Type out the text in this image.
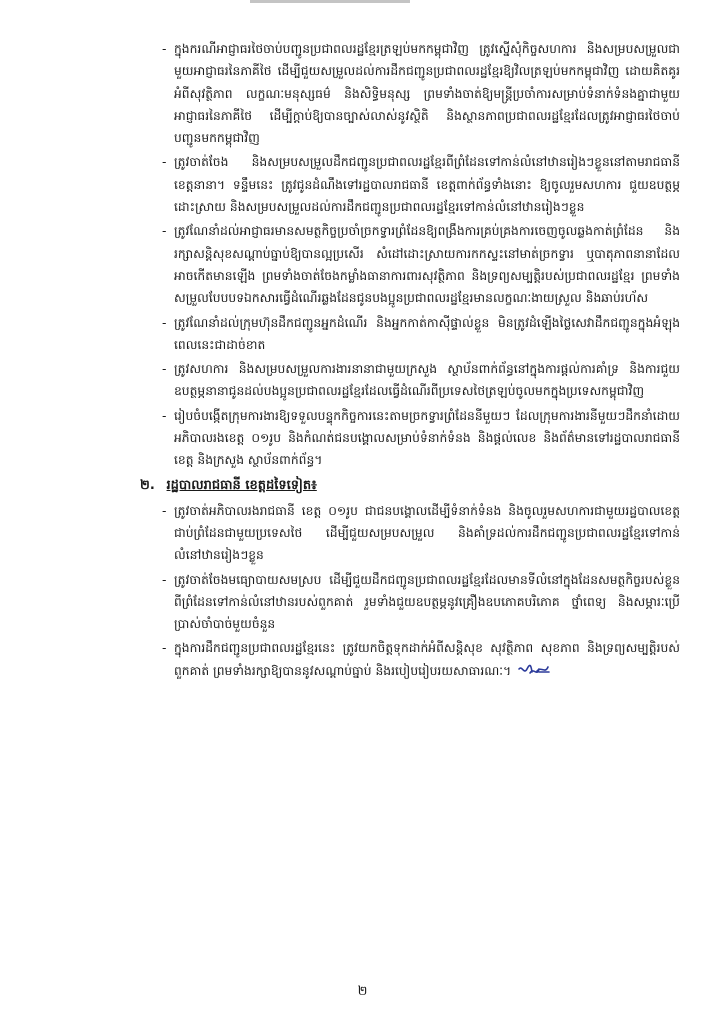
- ក្នុងករណីអាជ្ញាធរថៃចាប់បញ្ជូនប្រជាពលរដ្ឋខ្មែរត្រឡប់មកកម្ពុជាវិញ ត្រូវស្នើសុំកិច្ចសហការ និងសម្របសម្រួលជាមួយអាជ្ញាធរនៃភាគីថៃ ដើម្បីជួយសម្រួលដល់ការដឹកជញ្ជូនប្រជាពលរដ្ឋខ្មែរឱ្យវិលត្រឡប់មកកម្ពុជាវិញ ដោយគិតគូរអំពីសុវត្ថិភាព លក្ខណៈមនុស្សធម៌ និងសិទ្ធិមនុស្ស ព្រមទាំងចាត់ឱ្យមន្ត្រីប្រចាំការសម្រាប់ទំនាក់ទំនងគ្នាជាមួយអាជ្ញាធរនៃភាគីថៃ ដើម្បីក្ដាប់ឱ្យបានច្បាស់លាស់នូវស្ថិតិ និងស្ថានភាពប្រជាពលរដ្ឋខ្មែរដែលត្រូវអាជ្ញាធរថៃចាប់បញ្ជូនមកកម្ពុជាវិញ
- ត្រូវចាត់ចែង និងសម្របសម្រួលដឹកជញ្ជូនប្រជាពលរដ្ឋខ្មែរពីព្រំដែនទៅកាន់លំនៅឋានរៀងៗខ្លួននៅតាមរាជធានី ខេត្តនានា។ ទន្ទឹមនេះ ត្រូវជូនដំណឹងទៅរដ្ឋបាលរាជធានី ខេត្តពាក់ព័ន្ធទាំងនោះ ឱ្យចូលរួមសហការ ជួយឧបត្ថម្ភ ដោះស្រាយ និងសម្របសម្រួលដល់ការដឹកជញ្ជូនប្រជាពលរដ្ឋខ្មែរទៅកាន់លំនៅឋានរៀងៗខ្លួន
- ត្រូវណែនាំដល់អាជ្ញាធរមានសមត្ថកិច្ចប្រចាំច្រកទ្វារព្រំដែនឱ្យពង្រឹងការគ្រប់គ្រងការចេញចូលឆ្លងកាត់ព្រំដែន និងរក្សាសន្តិសុខសណ្ដាប់ធ្នាប់ឱ្យបានល្អប្រសើរ សំដៅដោះស្រាយការកកស្ទះនៅមាត់ច្រកទ្វារ ឬបាតុភាពនានាដែលអាចកើតមានឡើង ព្រមទាំងចាត់ចែងកម្លាំងធានាការពារសុវត្ថិភាព និងទ្រព្យសម្បត្តិរបស់ប្រជាពលរដ្ឋខ្មែរ ព្រមទាំងសម្រួលបែបបទឯកសារធ្វើដំណើរឆ្លងដែនជូនបងប្អូនប្រជាពលរដ្ឋខ្មែរមានលក្ខណៈងាយស្រួល និងឆាប់រហ័ស
- ត្រូវណែនាំដល់ក្រុមហ៊ុនដឹកជញ្ជូនអ្នកដំណើរ និងអ្នកកាត់កាស៊ីផ្ទាល់ខ្លួន មិនត្រូវដំឡើងថ្លៃសេវាដឹកជញ្ជូនក្នុងអំឡុងពេលនេះជាដាច់ខាត
- ត្រូវសហការ និងសម្របសម្រួលការងារនានាជាមួយក្រសួង ស្ថាប័នពាក់ព័ន្ធនៅក្នុងការផ្ដល់ការគាំទ្រ និងការជួយឧបត្ថម្ភនានាជូនដល់បងប្អូនប្រជាពលរដ្ឋខ្មែរដែលធ្វើដំណើរពីប្រទេសថៃត្រឡប់ចូលមកក្នុងប្រទេសកម្ពុជាវិញ
- រៀបចំបង្កើតក្រុមការងារឱ្យទទួលបន្ទុកកិច្ចការនេះតាមច្រកទ្វារព្រំដែននីមួយៗ ដែលក្រុមការងារនីមួយៗដឹកនាំដោយអភិបាលរងខេត្ត ០១រូប និងកំណត់ជនបង្គោលសម្រាប់ទំនាក់ទំនង និងផ្ដល់លេខ និងព័ត៌មានទៅរដ្ឋបាលរាជធានី ខេត្ត និងក្រសួង ស្ថាប័នពាក់ព័ន្ធ។
២. រដ្ឋបាលរាជធានី ខេត្តដទៃទៀត៖
- ត្រូវចាត់អភិបាលរងរាជធានី ខេត្ត ០១រូប ជាជនបង្គោលដើម្បីទំនាក់ទំនង និងចូលរួមសហការជាមួយរដ្ឋបាលខេត្តជាប់ព្រំដែនជាមួយប្រទេសថៃ ដើម្បីជួយសម្របសម្រួល និងគាំទ្រដល់ការដឹកជញ្ជូនប្រជាពលរដ្ឋខ្មែរទៅកាន់លំនៅឋានរៀងៗខ្លួន
- ត្រូវចាត់ចែងមធ្យោបាយសមស្រប ដើម្បីជួយដឹកជញ្ជូនប្រជាពលរដ្ឋខ្មែរដែលមានទីលំនៅក្នុងដែនសមត្ថកិច្ចរបស់ខ្លួន ពីព្រំដែនទៅកាន់លំនៅឋានរបស់ពួកគាត់ រួមទាំងជួយឧបត្ថម្ភនូវគ្រឿងឧបភោគបរិភោគ ថ្នាំពេទ្យ និងសម្ភារៈប្រើប្រាស់ចាំបាច់មួយចំនួន
- ក្នុងការដឹកជញ្ជូនប្រជាពលរដ្ឋខ្មែរនេះ ត្រូវយកចិត្តទុកដាក់អំពីសន្តិសុខ សុវត្ថិភាព សុខភាព និងទ្រព្យសម្បត្តិរបស់ពួកគាត់ ព្រមទាំងរក្សាឱ្យបាននូវសណ្ដាប់ធ្នាប់ និងរបៀបរៀបរយសាធារណៈ។
២
